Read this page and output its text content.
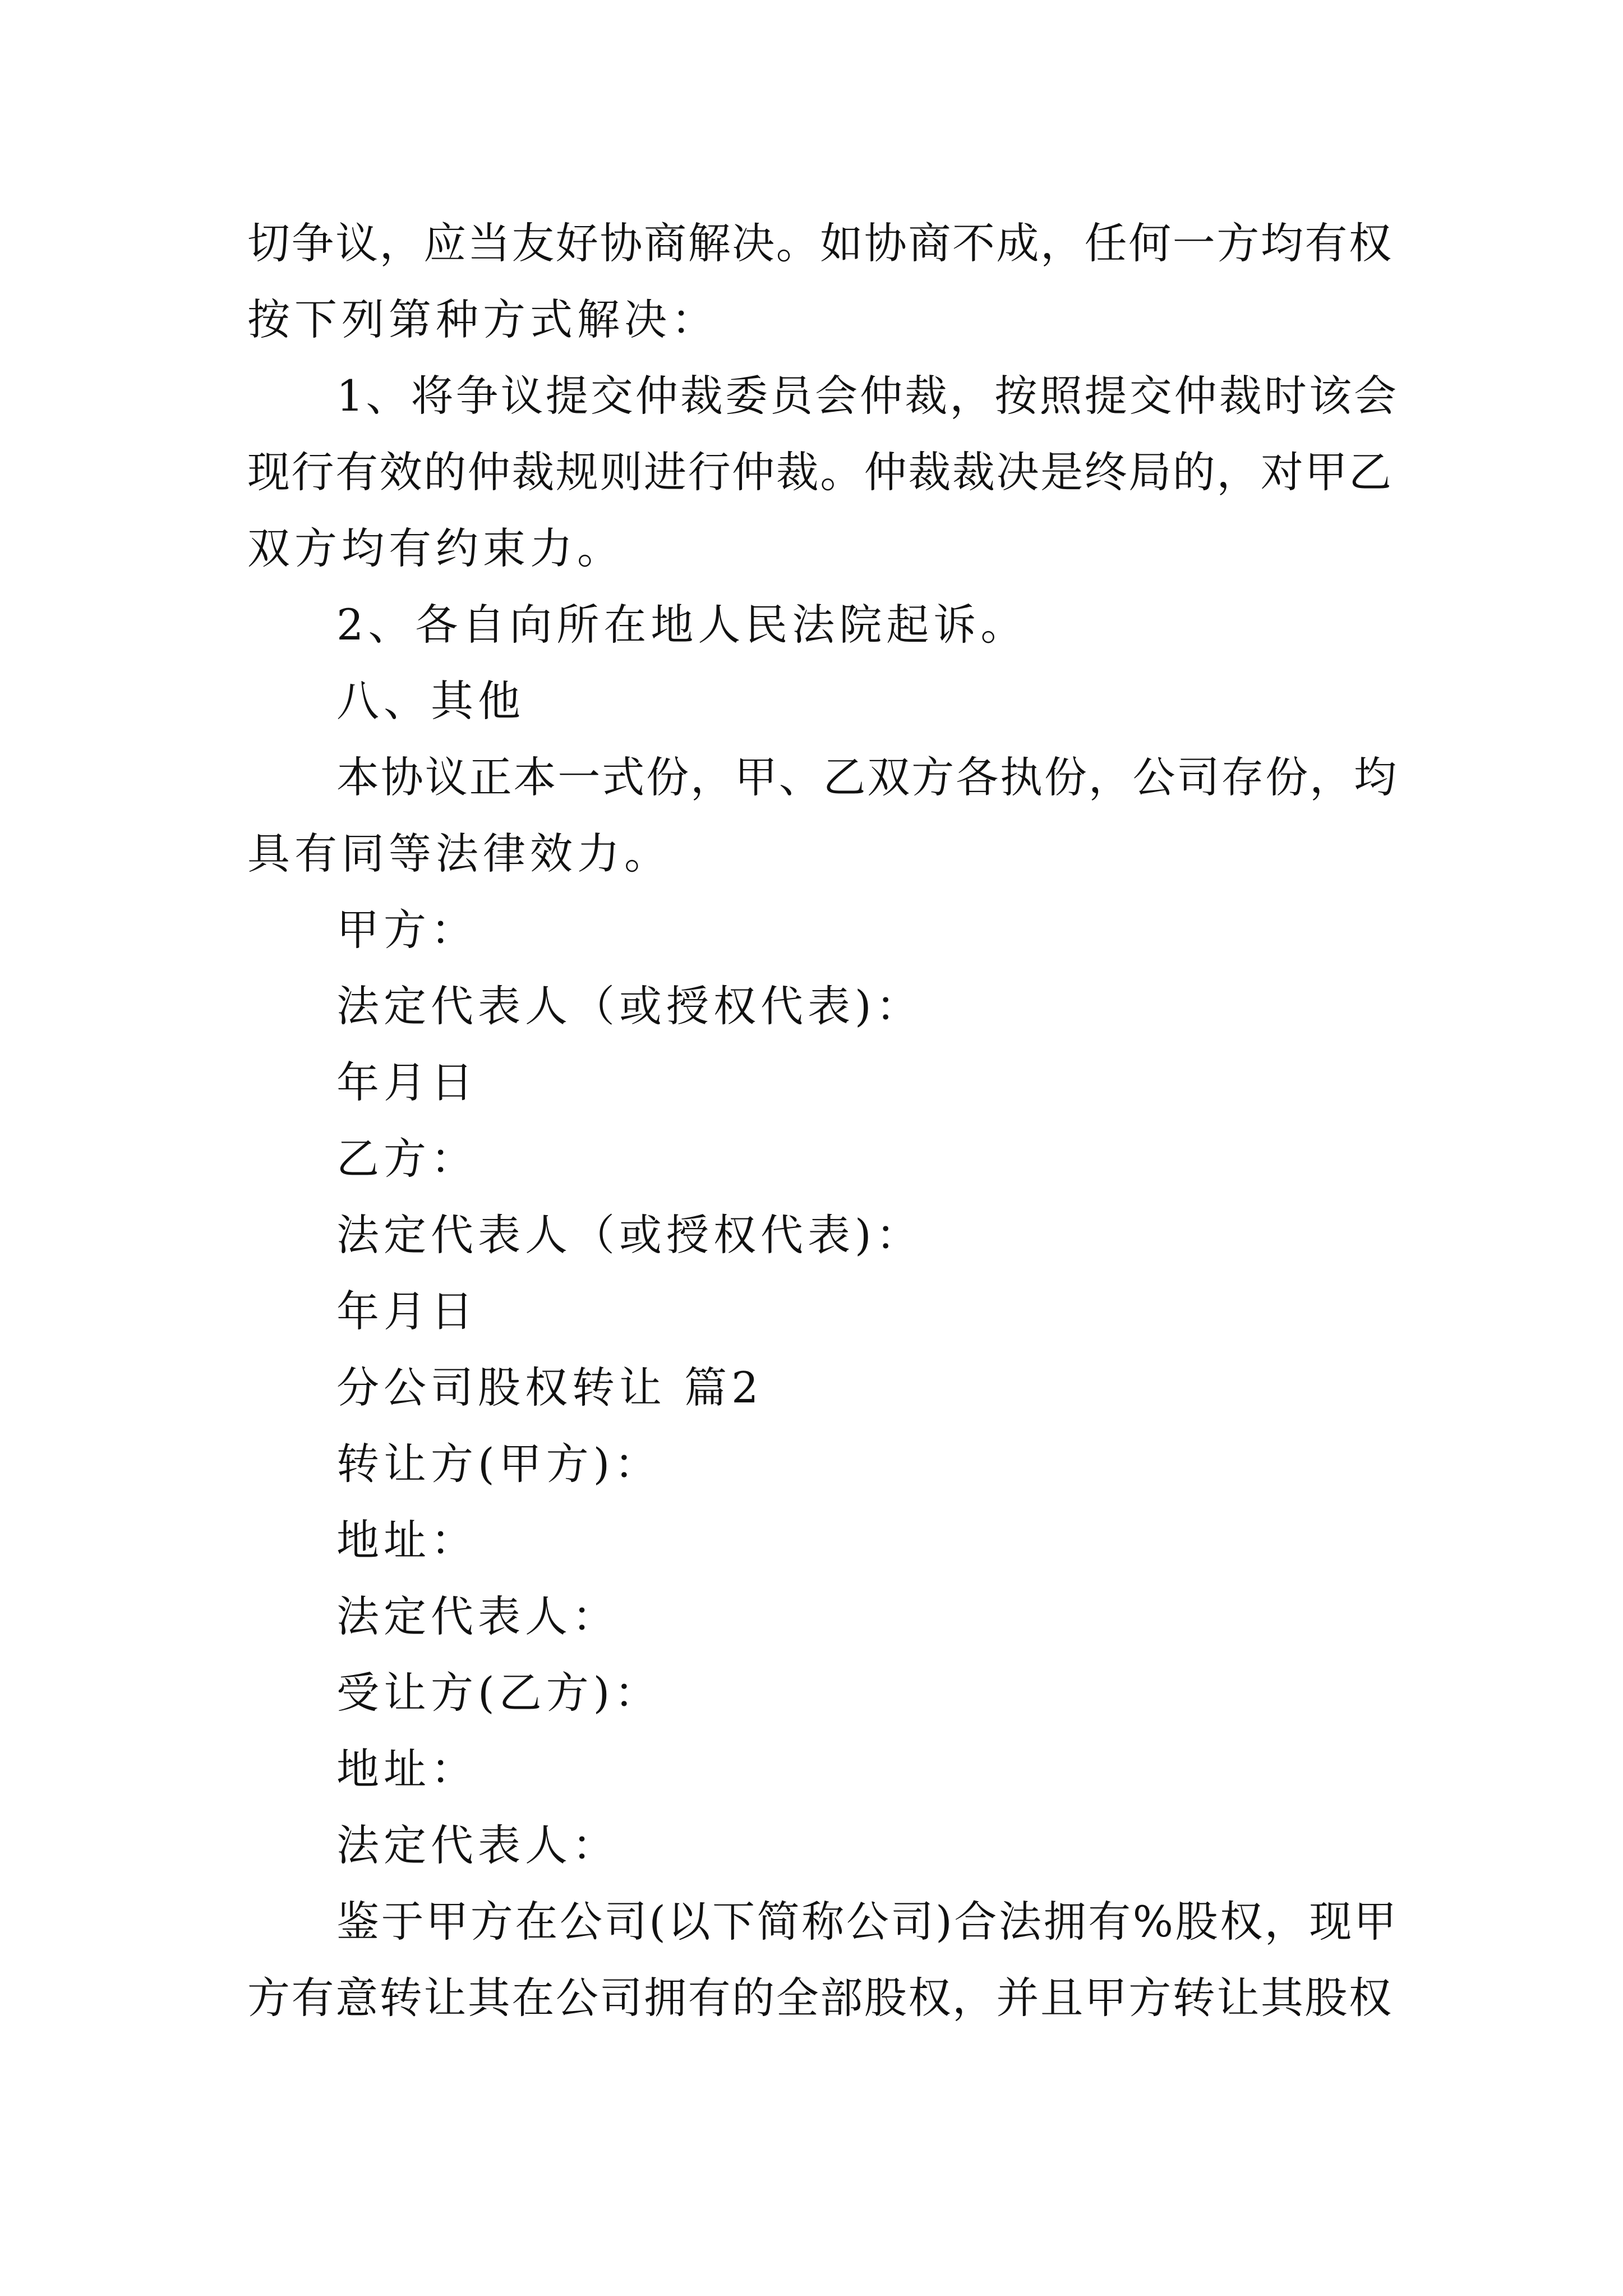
切争议，应当友好协商解决。如协商不成，任何一方均有权
按下列第种方式解决：
1、将争议提交仲裁委员会仲裁，按照提交仲裁时该会
现行有效的仲裁规则进行仲裁。仲裁裁决是终局的，对甲乙
双方均有约束力。
2、各自向所在地人民法院起诉。
八、其他
本协议正本一式份，甲、乙双方各执份，公司存份，均
具有同等法律效力。
甲方：
法定代表人（或授权代表)：
年月日
乙方：
法定代表人（或授权代表)：
年月日
分公司股权转让 篇2
转让方(甲方)：
地址：
法定代表人：
受让方(乙方)：
地址：
法定代表人：
鉴于甲方在公司(以下简称公司)合法拥有%股权，现甲
方有意转让其在公司拥有的全部股权，并且甲方转让其股权
